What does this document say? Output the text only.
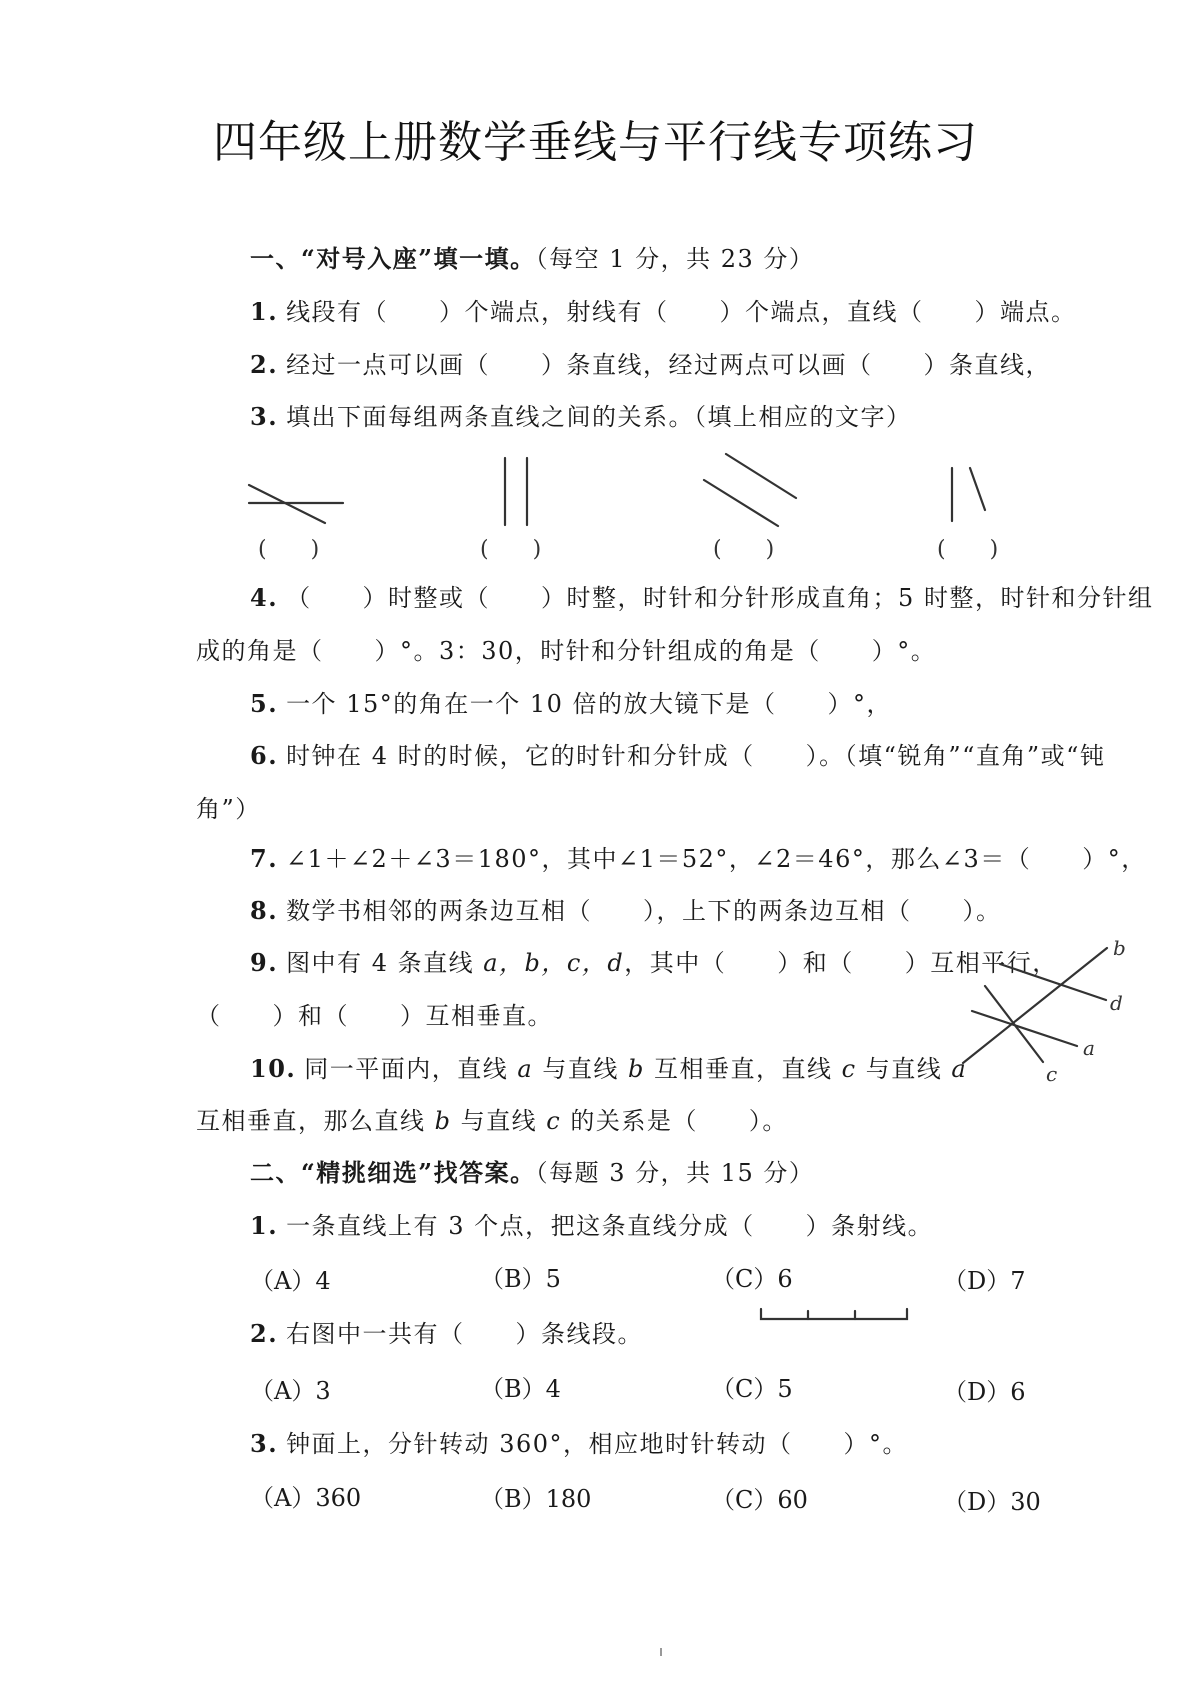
四年级上册数学垂线与平行线专项练习
一、“对号入座”填一填。（每空 1 分，共 23 分）
1. 线段有（　　）个端点，射线有（　　）个端点，直线（　　）端点。
2. 经过一点可以画（　　）条直线，经过两点可以画（　　）条直线，
3. 填出下面每组两条直线之间的关系。（填上相应的文字）
(　　)	(　　)	(　　)	(　　)
4. （　　）时整或（　　）时整，时针和分针形成直角；5 时整，时针和分针组
成的角是（　　）°。3：30，时针和分针组成的角是（　　）°。
5. 一个 15°的角在一个 10 倍的放大镜下是（　　）°，
6. 时钟在 4 时的时候，它的时针和分针成（　　）。（填“锐角”“直角”或“钝
角”）
7. ∠1＋∠2＋∠3＝180°，其中∠1＝52°，∠2＝46°，那么∠3＝（　　）°，
8. 数学书相邻的两条边互相（　　），上下的两条边互相（　　）。
9. 图中有 4 条直线 a，b，c，d，其中（　　）和（　　）互相平行，
（　　）和（　　）互相垂直。
b
d
a
c
10. 同一平面内，直线 a 与直线 b 互相垂直，直线 c 与直线 a
互相垂直，那么直线 b 与直线 c 的关系是（　　）。
二、“精挑细选”找答案。（每题 3 分，共 15 分）
1. 一条直线上有 3 个点，把这条直线分成（　　）条射线。
（A）4	（B）5	（C）6	（D）7
2. 右图中一共有（　　）条线段。
（A）3	（B）4	（C）5	（D）6
3. 钟面上，分针转动 360°，相应地时针转动（　　）°。
（A）360	（B）180	（C）60	（D）30
